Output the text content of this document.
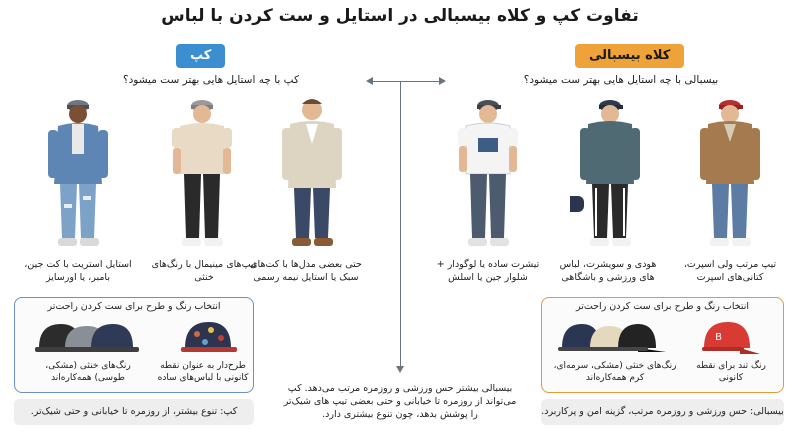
تفاوت کپ و کلاه بیسبالی در استایل و ست کردن با لباس
کپ	کلاه بیسبالی
کپ با چه استایل هایی بهتر ست میشود؟	بیسبالی با چه استایل هایی بهتر ست میشود؟
استایل استریت با کت جین، بامبر، یا اورسایز
تیپ‌های مینیمال با رنگ‌های خنثی
حتی بعضی مدل‌ها با کت‌های سبک یا استایل نیمه رسمی
تیشرت ساده یا لوگودار + شلوار جین یا اسلش
هودی و سویشرت، لباس های ورزشی و باشگاهی
تیپ مرتب ولی اسپرت، کتانی‌های اسپرت
انتخاب رنگ و طرح برای ست کردن راحت‌تر
رنگ‌های خنثی (مشکی، طوسی) همه‌کاره‌اند
طرح‌دار به عنوان نقطه کانونی با لباس‌های ساده
کپ: تنوع بیشتر، از روزمره تا خیابانی و حتی شیک‌تر.
انتخاب رنگ و طرح برای ست کردن راحت‌تر
B
رنگ‌های خنثی (مشکی، سرمه‌ای، کرم همه‌کاره‌اند
رنگ تند برای نقطه کانونی
بیسبالی: حس ورزشی و روزمره مرتب، گزینه امن و پرکاربرد.
بیسبالی بیشتر حس ورزشی و روزمره مرتب می‌دهد. کپ می‌تواند از روزمره تا خیابانی و حتی بعضی تیپ های شیک‌تر را پوشش بدهد، چون تنوع بیشتری دارد.
